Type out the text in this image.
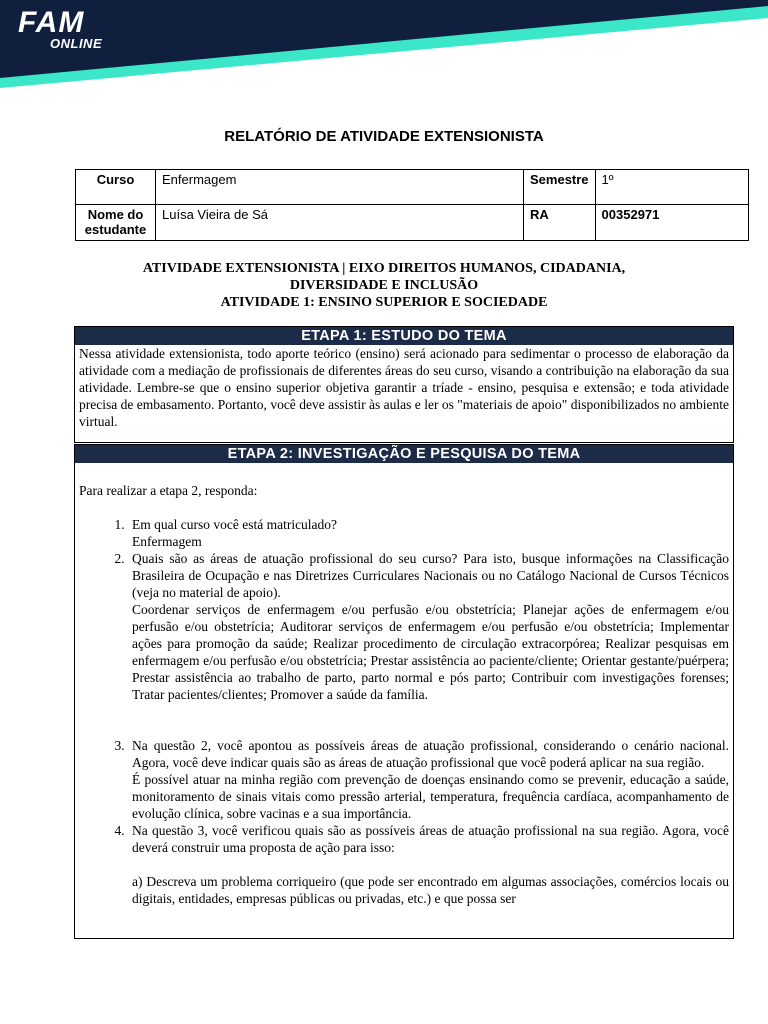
FAM
ONLINE
RELATÓRIO DE ATIVIDADE EXTENSIONISTA
Curso	Enfermagem	Semestre	1º
Nome do
estudante	Luísa Vieira de Sá	RA	00352971
ATIVIDADE EXTENSIONISTA | EIXO DIREITOS HUMANOS, CIDADANIA,
DIVERSIDADE E INCLUSÃO
ATIVIDADE 1: ENSINO SUPERIOR E SOCIEDADE
ETAPA 1: ESTUDO DO TEMA
Nessa atividade extensionista, todo aporte teórico (ensino) será acionado para sedimentar o processo de elaboração da atividade com a mediação de profissionais de diferentes áreas do seu curso, visando a contribuição na elaboração da sua atividade. Lembre-se que o ensino superior objetiva garantir a tríade - ensino, pesquisa e extensão; e toda atividade precisa de embasamento. Portanto, você deve assistir às aulas e ler os "materiais de apoio" disponibilizados no ambiente virtual.
ETAPA 2: INVESTIGAÇÃO E PESQUISA DO TEMA
Para realizar a etapa 2, responda:
1. Em qual curso você está matriculado?
Enfermagem
2. Quais são as áreas de atuação profissional do seu curso? Para isto, busque informações na Classificação Brasileira de Ocupação e nas Diretrizes Curriculares Nacionais ou no Catálogo Nacional de Cursos Técnicos (veja no material de apoio).
Coordenar serviços de enfermagem e/ou perfusão e/ou obstetrícia; Planejar ações de enfermagem e/ou perfusão e/ou obstetrícia; Auditorar serviços de enfermagem e/ou perfusão e/ou obstetrícia; Implementar ações para promoção da saúde; Realizar procedimento de circulação extracorpórea; Realizar pesquisas em enfermagem e/ou perfusão e/ou obstetrícia; Prestar assistência ao paciente/cliente; Orientar gestante/puérpera; Prestar assistência ao trabalho de parto, parto normal e pós parto; Contribuir com investigações forenses; Tratar pacientes/clientes; Promover a saúde da família.
3. Na questão 2, você apontou as possíveis áreas de atuação profissional, considerando o cenário nacional. Agora, você deve indicar quais são as áreas de atuação profissional que você poderá aplicar na sua região.
É possível atuar na minha região com prevenção de doenças ensinando como se prevenir, educação a saúde, monitoramento de sinais vitais como pressão arterial, temperatura, frequência cardíaca, acompanhamento de evolução clínica, sobre vacinas e a sua importância.
4. Na questão 3, você verificou quais são as possíveis áreas de atuação profissional na sua região. Agora, você deverá construir uma proposta de ação para isso:
a) Descreva um problema corriqueiro (que pode ser encontrado em algumas associações, comércios locais ou digitais, entidades, empresas públicas ou privadas, etc.) e que possa ser
